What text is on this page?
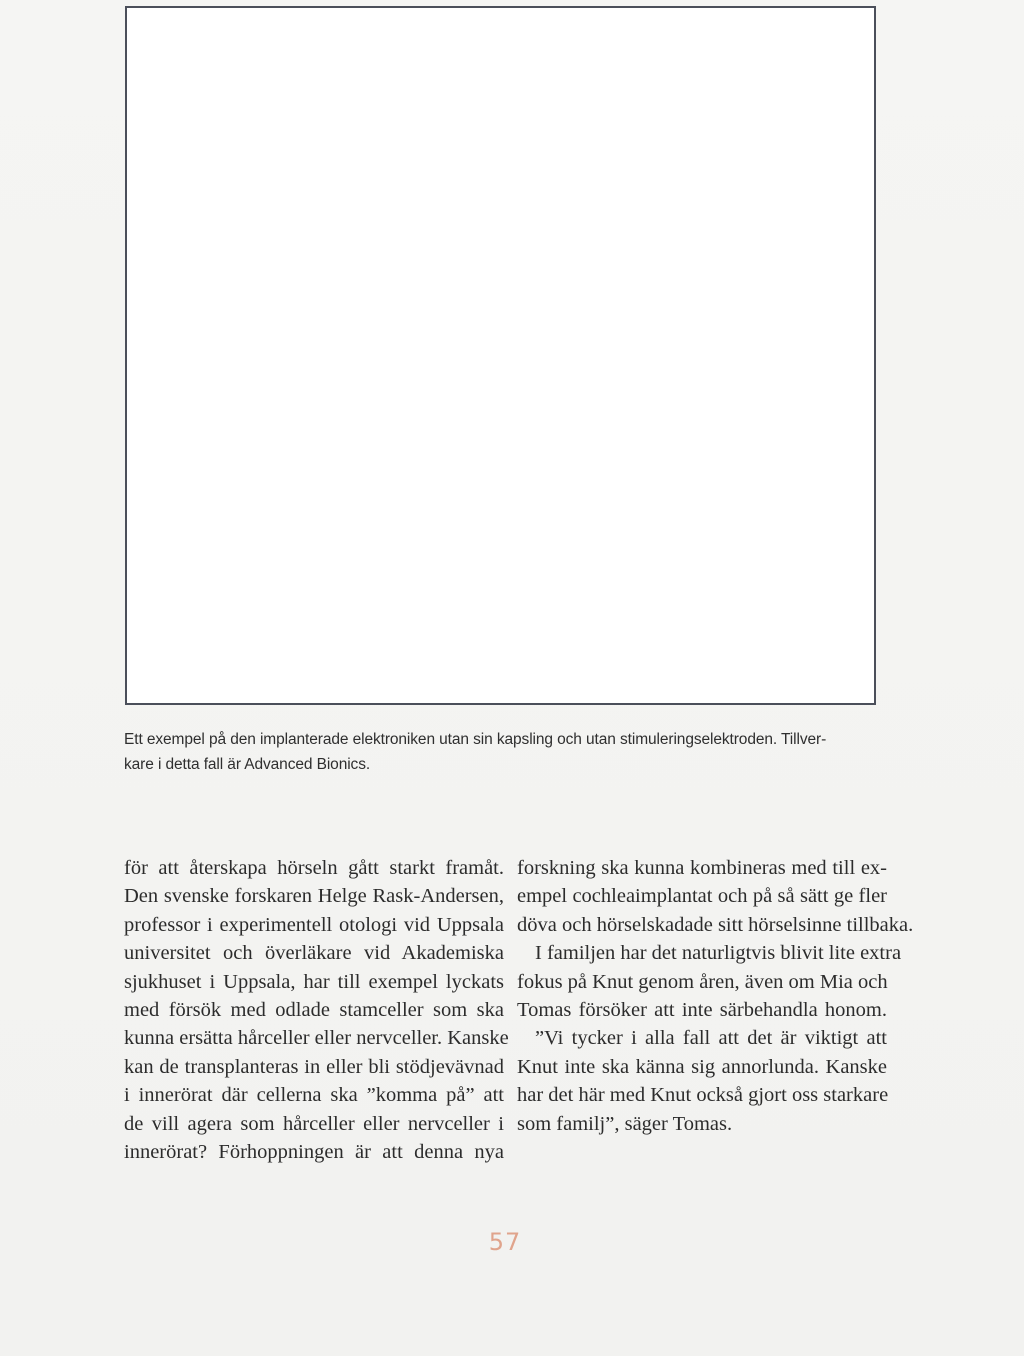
Ett exempel på den implanterade elektroniken utan sin kapsling och utan stimuleringselektroden. Tillver-
kare i detta fall är Advanced Bionics.
för att återskapa hörseln gått starkt framåt.
Den svenske forskaren Helge Rask-Andersen,
professor i experimentell otologi vid Uppsala
universitet och överläkare vid Akademiska
sjukhuset i Uppsala, har till exempel lyckats
med försök med odlade stamceller som ska
kunna ersätta hårceller eller nervceller. Kanske
kan de transplanteras in eller bli stödjevävnad
i innerörat där cellerna ska ”komma på” att
de vill agera som hårceller eller nervceller i
innerörat? Förhoppningen är att denna nya
forskning ska kunna kombineras med till ex-
empel cochleaimplantat och på så sätt ge fler
döva och hörselskadade sitt hörselsinne tillbaka.
I familjen har det naturligtvis blivit lite extra
fokus på Knut genom åren, även om Mia och
Tomas försöker att inte särbehandla honom.
”Vi tycker i alla fall att det är viktigt att
Knut inte ska känna sig annorlunda. Kanske
har det här med Knut också gjort oss starkare
som familj”, säger Tomas.
57
